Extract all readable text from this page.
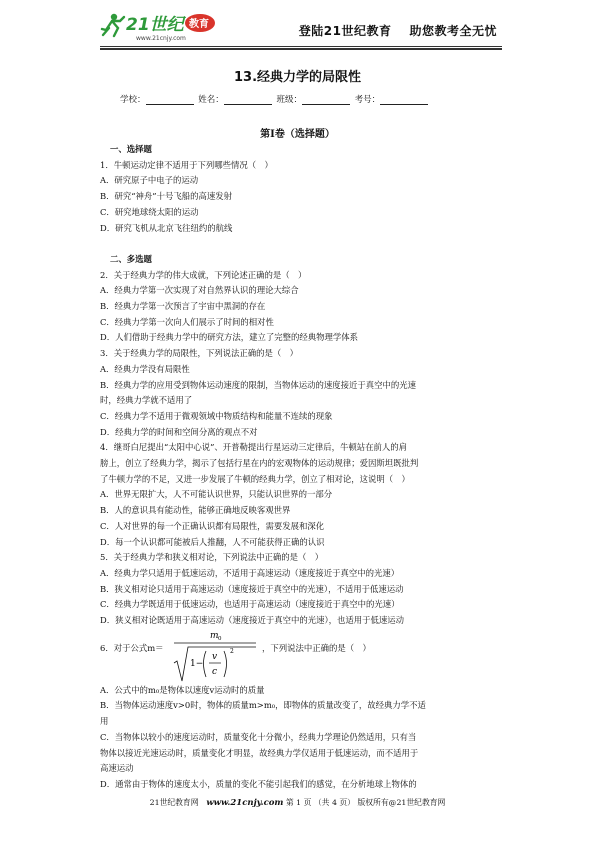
21世纪 教育
www.21cnjy.com
登陆21世纪教育 助您教考全无忧
13.经典力学的局限性
学校：	姓名：	班级：	考号：
第I卷（选择题）

一、选择题

1．牛顿运动定律不适用于下列哪些情况（　）

A．研究原子中电子的运动

B．研究“神舟”十号飞船的高速发射

C．研究地球绕太阳的运动

D．研究飞机从北京飞往纽约的航线

二、多选题

2．关于经典力学的伟大成就，下列论述正确的是（　）

A．经典力学第一次实现了对自然界认识的理论大综合

B．经典力学第一次预言了宇宙中黑洞的存在

C．经典力学第一次向人们展示了时间的相对性

D．人们借助于经典力学中的研究方法，建立了完整的经典物理学体系

3．关于经典力学的局限性，下列说法正确的是（　）

A．经典力学没有局限性

B．经典力学的应用受到物体运动速度的限制，当物体运动的速度接近于真空中的光速

时，经典力学就不适用了

C．经典力学不适用于微观领域中物质结构和能量不连续的现象

D．经典力学的时间和空间分离的观点不对

4．继哥白尼提出“太阳中心说”、开普勒提出行星运动三定律后，牛顿站在前人的肩

膀上，创立了经典力学，揭示了包括行星在内的宏观物体的运动规律；爱因斯坦既批判

了牛顿力学的不足，又进一步发展了牛顿的经典力学，创立了相对论，这说明（　）

A．世界无限扩大，人不可能认识世界，只能认识世界的一部分

B．人的意识具有能动性，能够正确地反映客观世界

C．人对世界的每一个正确认识都有局限性，需要发展和深化

D．每一个认识都可能被后人推翻，人不可能获得正确的认识

5．关于经典力学和狭义相对论，下列说法中正确的是（　）

A．经典力学只适用于低速运动，不适用于高速运动（速度接近于真空中的光速）

B．狭义相对论只适用于高速运动（速度接近于真空中的光速），不适用于低速运动

C．经典力学既适用于低速运动，也适用于高速运动（速度接近于真空中的光速）

D．狭义相对论既适用于高速运动（速度接近于真空中的光速），也适用于低速运动

6．对于公式m＝
m 0
1−
v
c
2	，下列说法中正确的是（　）

A．公式中的m₀是物体以速度v运动时的质量

B．当物体运动速度v>0时，物体的质量m>m₀，即物体的质量改变了，故经典力学不适

用

C．当物体以较小的速度运动时，质量变化十分微小，经典力学理论仍然适用，只有当

物体以接近光速运动时，质量变化才明显，故经典力学仅适用于低速运动，而不适用于

高速运动

D．通常由于物体的速度太小，质量的变化不能引起我们的感觉，在分析地球上物体的

21世纪教育网　www.21cnjy.com 第 1 页 （共 4 页） 版权所有@21世纪教育网
